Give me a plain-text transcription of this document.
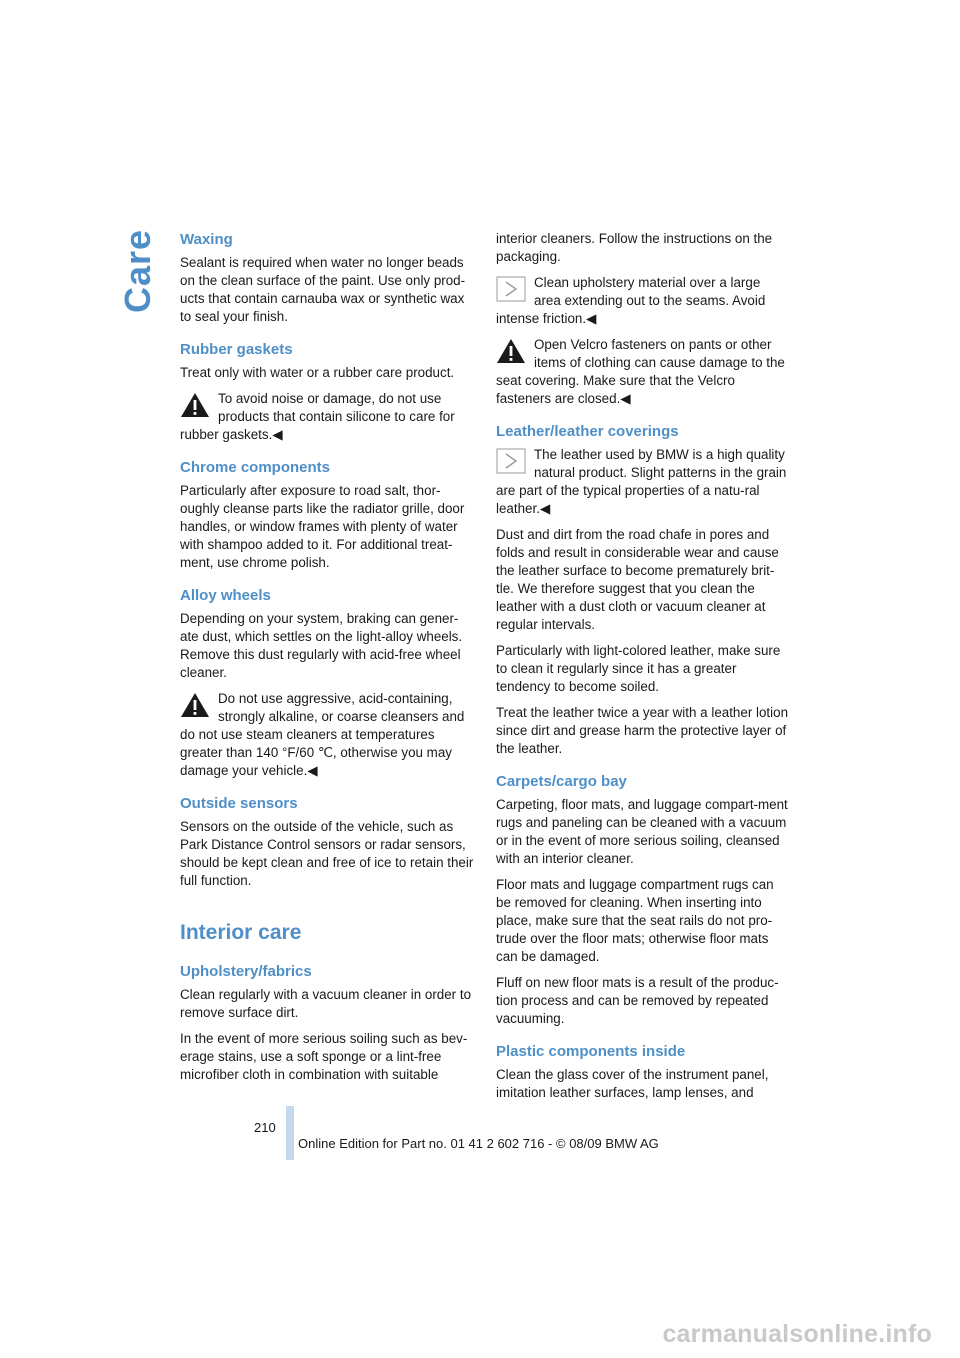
Care Waxing

Sealant is required when water no longer beads on the clean surface of the paint. Use only prod-ucts that contain carnauba wax or synthetic wax to seal your finish.

Rubber gaskets

Treat only with water or a rubber care product.

To avoid noise or damage, do not use products that contain silicone to care for rubber gaskets.◀
Chrome components

Particularly after exposure to road salt, thor-oughly cleanse parts like the radiator grille, door handles, or window frames with plenty of water with shampoo added to it. For additional treat-ment, use chrome polish.

Alloy wheels

Depending on your system, braking can gener-ate dust, which settles on the light-alloy wheels. Remove this dust regularly with acid-free wheel cleaner.

Do not use aggressive, acid-containing, strongly alkaline, or coarse cleansers and do not use steam cleaners at temperatures greater than 140 °F/60 ℃, otherwise you may damage your vehicle.◀
Outside sensors

Sensors on the outside of the vehicle, such as Park Distance Control sensors or radar sensors, should be kept clean and free of ice to retain their full function.

Interior care
Upholstery/fabrics

Clean regularly with a vacuum cleaner in order to remove surface dirt.

In the event of more serious soiling such as bev-erage stains, use a soft sponge or a lint-free microfiber cloth in combination with suitable

interior cleaners. Follow the instructions on the packaging.

Clean upholstery material over a large area extending out to the seams. Avoid intense friction.◀
Open Velcro fasteners on pants or other items of clothing can cause damage to the seat covering. Make sure that the Velcro fasteners are closed.◀
Leather/leather coverings
The leather used by BMW is a high quality natural product. Slight patterns in the grain are part of the typical properties of a natu-ral leather.◀

Dust and dirt from the road chafe in pores and folds and result in considerable wear and cause the leather surface to become prematurely brit-tle. We therefore suggest that you clean the leather with a dust cloth or vacuum cleaner at regular intervals.

Particularly with light-colored leather, make sure to clean it regularly since it has a greater tendency to become soiled.

Treat the leather twice a year with a leather lotion since dirt and grease harm the protective layer of the leather.

Carpets/cargo bay

Carpeting, floor mats, and luggage compart-ment rugs and paneling can be cleaned with a vacuum or in the event of more serious soiling, cleansed with an interior cleaner.

Floor mats and luggage compartment rugs can be removed for cleaning. When inserting into place, make sure that the seat rails do not pro-trude over the floor mats; otherwise floor mats can be damaged.

Fluff on new floor mats is a result of the produc-tion process and can be removed by repeated vacuuming.

Plastic components inside

Clean the glass cover of the instrument panel, imitation leather surfaces, lamp lenses, and

210
Online Edition for Part no. 01 41 2 602 716 - © 08/09 BMW AG
carmanualsonline.info
